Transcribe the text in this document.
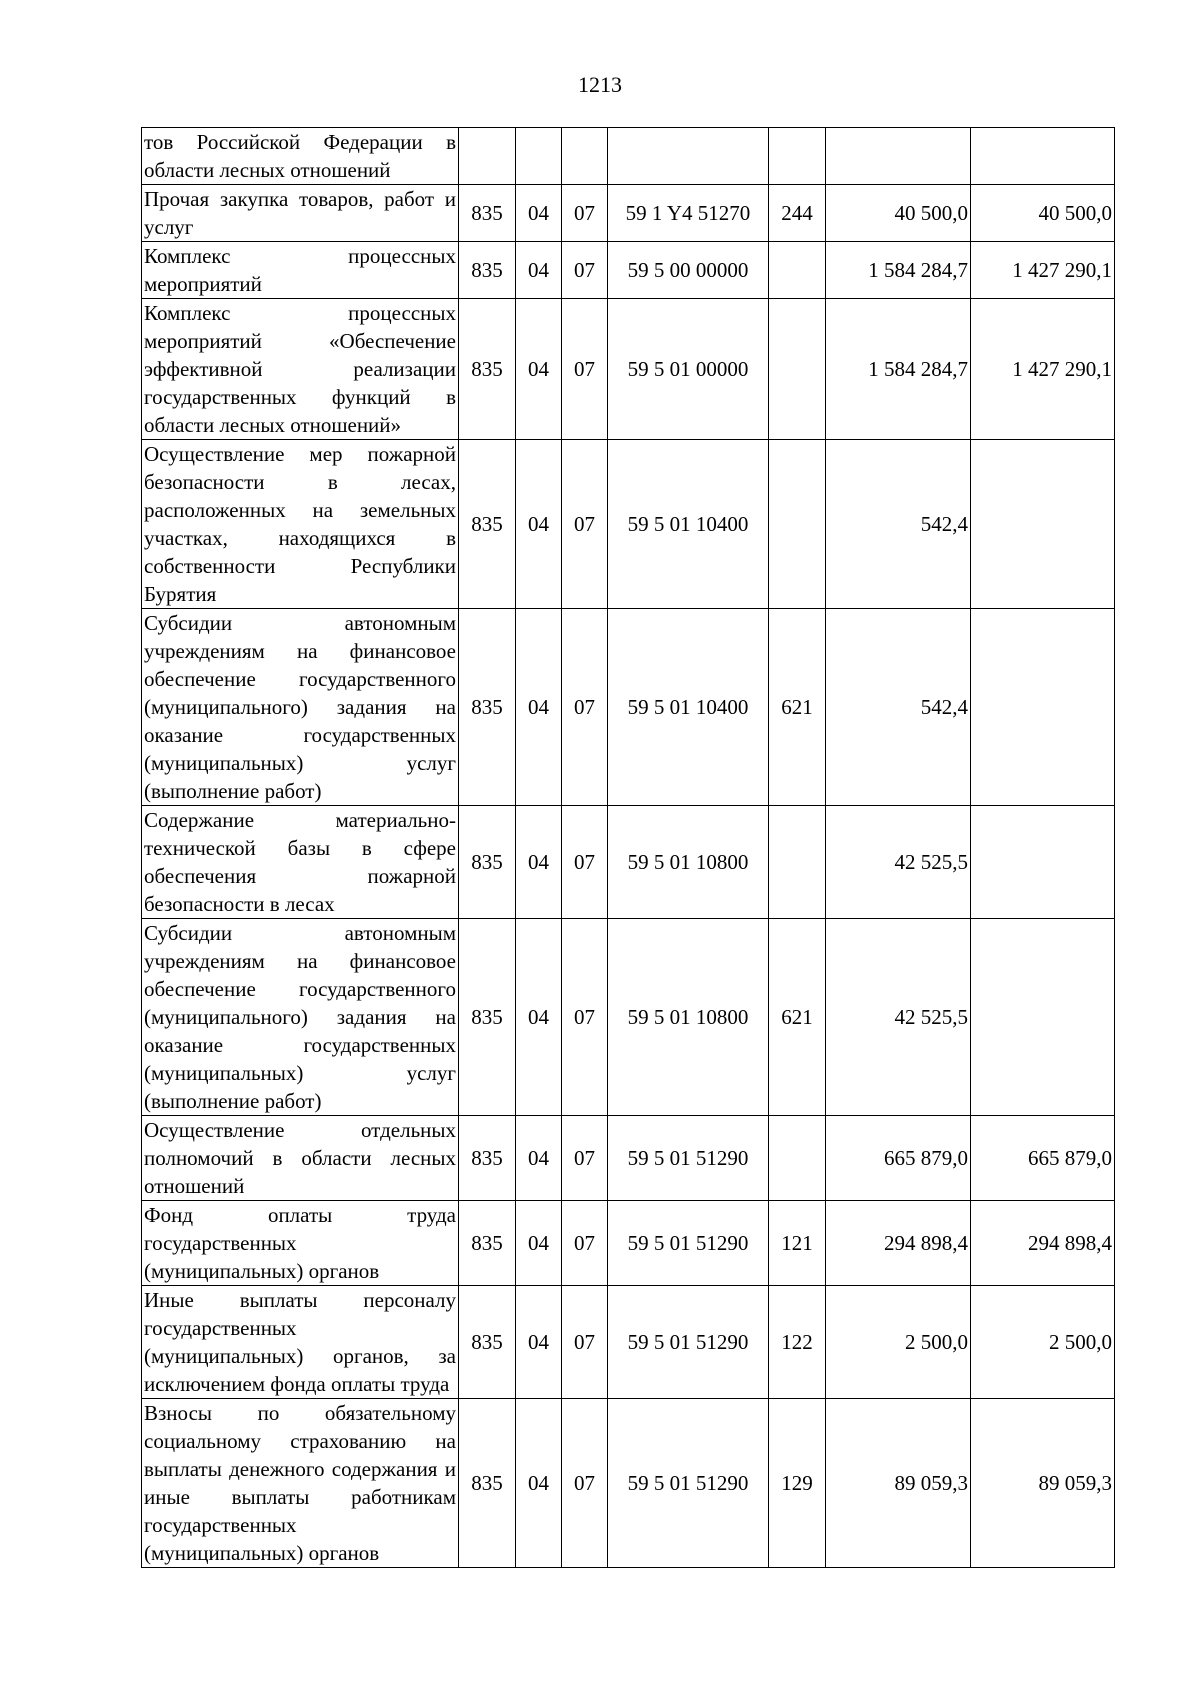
1213
тов Российской Федерации в области лесных отношений							
Прочая закупка товаров, работ и услуг	835	04	07	59 1 Y4 51270	244	40 500,0	40 500,0
Комплекс процессных мероприятий	835	04	07	59 5 00 00000		1 584 284,7	1 427 290,1
Комплекс процессных мероприятий «Обеспечение эффективной реализации государственных функций в области лесных отношений»	835	04	07	59 5 01 00000		1 584 284,7	1 427 290,1
Осуществление мер пожарной безопасности в лесах, расположенных на земельных участках, находящихся в собственности Республики Бурятия	835	04	07	59 5 01 10400		542,4	
Субсидии автономным учреждениям на финансовое обеспечение государственного (муниципального) задания на оказание государственных (муниципальных) услуг (выполнение работ)	835	04	07	59 5 01 10400	621	542,4	
Содержание материально-технической базы в сфере обеспечения пожарной безопасности в лесах	835	04	07	59 5 01 10800		42 525,5	
Субсидии автономным учреждениям на финансовое обеспечение государственного (муниципального) задания на оказание государственных (муниципальных) услуг (выполнение работ)	835	04	07	59 5 01 10800	621	42 525,5	
Осуществление отдельных полномочий в области лесных отношений	835	04	07	59 5 01 51290		665 879,0	665 879,0
Фонд оплаты труда государственных (муниципальных) органов	835	04	07	59 5 01 51290	121	294 898,4	294 898,4
Иные выплаты персоналу государственных (муниципальных) органов, за исключением фонда оплаты труда	835	04	07	59 5 01 51290	122	2 500,0	2 500,0
Взносы по обязательному социальному страхованию на выплаты денежного содержания и иные выплаты работникам государственных (муниципальных) органов	835	04	07	59 5 01 51290	129	89 059,3	89 059,3
